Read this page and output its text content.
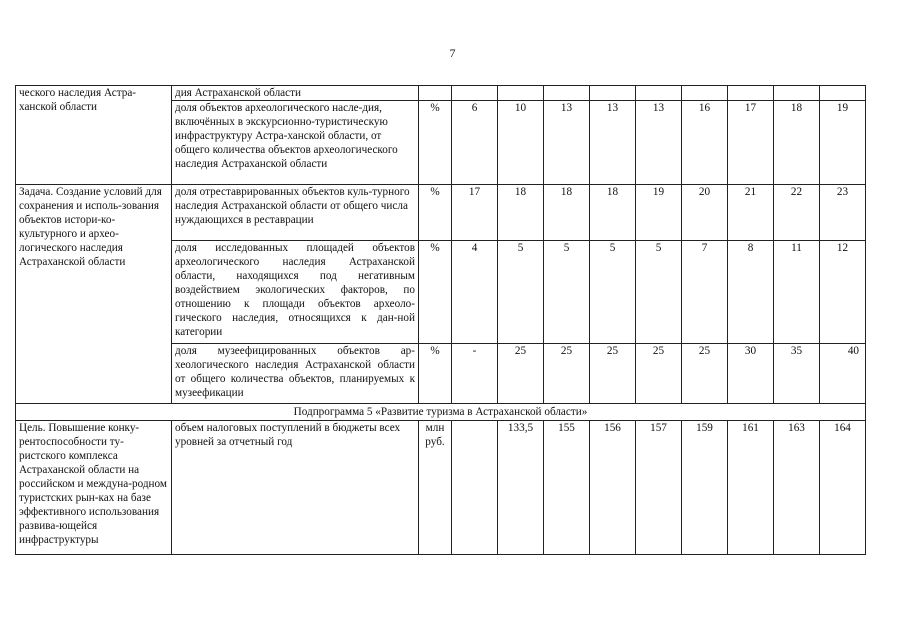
7
ческого наследия Астра-ханской области	дия Астраханской области										
	доля объектов археологического насле-дия, включённых в экскурсионно-туристическую инфраструктуру Астра-ханской области, от общего количества объектов археологического наследия Астраханской области	%	6	10	13	13	13	16	17	18	19
Задача. Создание условий для сохранения и исполь-зования объектов истори-ко-культурного и архео-логического наследия Астраханской области	доля отреставрированных объектов куль-турного наследия Астраханской области от общего числа нуждающихся в реставрации	%	17	18	18	18	19	20	21	22	23
	доля исследованных площадей объектов археологического наследия Астраханской области, находящихся под негативным воздействием экологических факторов, по отношению к площади объектов археоло-гического наследия, относящихся к дан-ной категории	%	4	5	5	5	5	7	8	11	12
	доля музеефицированных объектов ар-хеологического наследия Астраханской области от общего количества объектов, планируемых к музеефикации	%	-	25	25	25	25	25	30	35	40
Подпрограмма 5 «Развитие туризма в Астраханской области»											
Цель. Повышение конку-рентоспособности ту-ристского комплекса Астраханской области на российском и междуна-родном туристских рын-ках на базе эффективного использования развива-ющейся инфраструктуры	объем налоговых поступлений в бюджеты всех уровней за отчетный год	млн руб.		133,5	155	156	157	159	161	163	164
